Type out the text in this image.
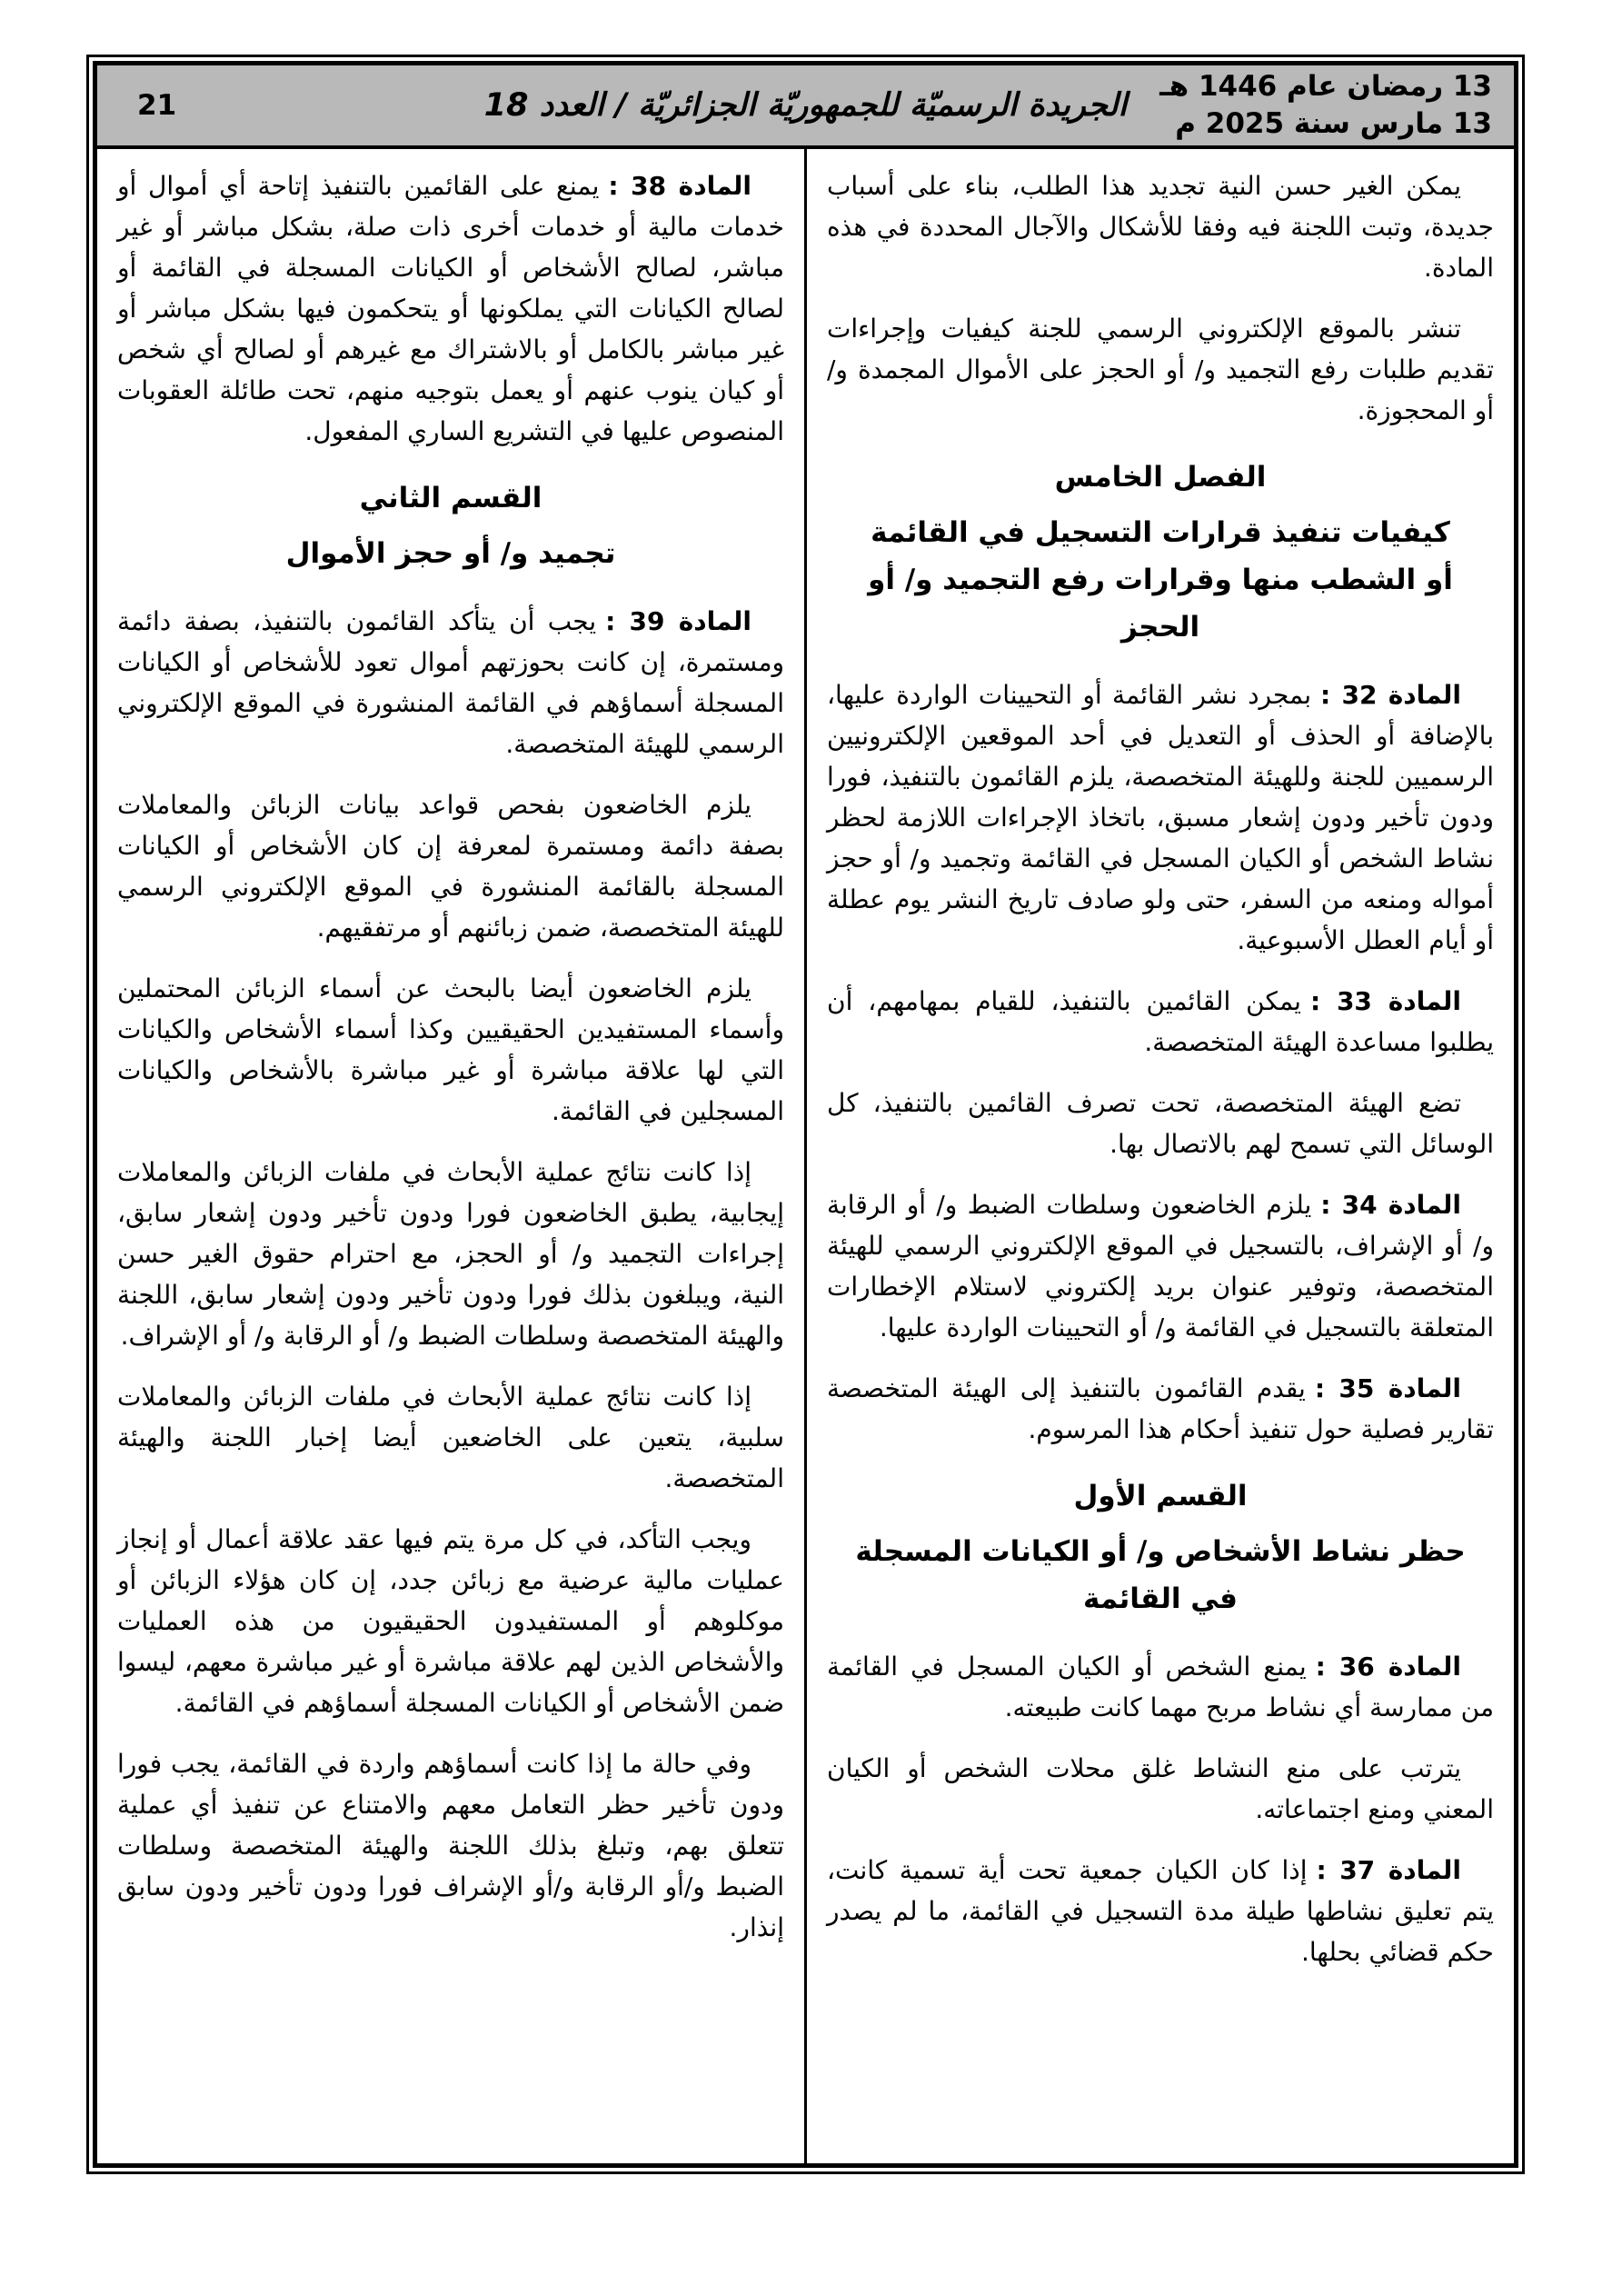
13 رمضان عام 1446 هـ
13 مارس سنة 2025 م
الجريدة الرسميّة للجمهوريّة الجزائريّة / العدد 18
21

يمكن الغير حسن النية تجديد هذا الطلب، بناء على أسباب جديدة، وتبت اللجنة فيه وفقا للأشكال والآجال المحددة في هذه المادة.

تنشر بالموقع الإلكتروني الرسمي للجنة كيفيات وإجراءات تقديم طلبات رفع التجميد و/ أو الحجز على الأموال المجمدة و/ أو المحجوزة.

الفصل الخامس
كيفيات تنفيذ قرارات التسجيل في القائمة أو الشطب منها وقرارات رفع التجميد و/ أو الحجز

المادة 32 :بمجرد نشر القائمة أو التحيينات الواردة عليها، بالإضافة أو الحذف أو التعديل في أحد الموقعين الإلكترونيين الرسميين للجنة وللهيئة المتخصصة، يلزم القائمون بالتنفيذ، فورا ودون تأخير ودون إشعار مسبق، باتخاذ الإجراءات اللازمة لحظر نشاط الشخص أو الكيان المسجل في القائمة وتجميد و/ أو حجز أمواله ومنعه من السفر، حتى ولو صادف تاريخ النشر يوم عطلة أو أيام العطل الأسبوعية.

المادة 33 :يمكن القائمين بالتنفيذ، للقيام بمهامهم، أن يطلبوا مساعدة الهيئة المتخصصة.

تضع الهيئة المتخصصة، تحت تصرف القائمين بالتنفيذ، كل الوسائل التي تسمح لهم بالاتصال بها.

المادة 34 :يلزم الخاضعون وسلطات الضبط و/ أو الرقابة و/ أو الإشراف، بالتسجيل في الموقع الإلكتروني الرسمي للهيئة المتخصصة، وتوفير عنوان بريد إلكتروني لاستلام الإخطارات المتعلقة بالتسجيل في القائمة و/ أو التحيينات الواردة عليها.

المادة 35 :يقدم القائمون بالتنفيذ إلى الهيئة المتخصصة تقارير فصلية حول تنفيذ أحكام هذا المرسوم.

القسم الأول
حظر نشاط الأشخاص و/ أو الكيانات المسجلة في القائمة

المادة 36 :يمنع الشخص أو الكيان المسجل في القائمة من ممارسة أي نشاط مربح مهما كانت طبيعته.

يترتب على منع النشاط غلق محلات الشخص أو الكيان المعني ومنع اجتماعاته.

المادة 37 :إذا كان الكيان جمعية تحت أية تسمية كانت، يتم تعليق نشاطها طيلة مدة التسجيل في القائمة، ما لم يصدر حكم قضائي بحلها.

المادة 38 :يمنع على القائمين بالتنفيذ إتاحة أي أموال أو خدمات مالية أو خدمات أخرى ذات صلة، بشكل مباشر أو غير مباشر، لصالح الأشخاص أو الكيانات المسجلة في القائمة أو لصالح الكيانات التي يملكونها أو يتحكمون فيها بشكل مباشر أو غير مباشر بالكامل أو بالاشتراك مع غيرهم أو لصالح أي شخص أو كيان ينوب عنهم أو يعمل بتوجيه منهم، تحت طائلة العقوبات المنصوص عليها في التشريع الساري المفعول.

القسم الثاني
تجميد و/ أو حجز الأموال

المادة 39 :يجب أن يتأكد القائمون بالتنفيذ، بصفة دائمة ومستمرة، إن كانت بحوزتهم أموال تعود للأشخاص أو الكيانات المسجلة أسماؤهم في القائمة المنشورة في الموقع الإلكتروني الرسمي للهيئة المتخصصة.

يلزم الخاضعون بفحص قواعد بيانات الزبائن والمعاملات بصفة دائمة ومستمرة لمعرفة إن كان الأشخاص أو الكيانات المسجلة بالقائمة المنشورة في الموقع الإلكتروني الرسمي للهيئة المتخصصة، ضمن زبائنهم أو مرتفقيهم.

يلزم الخاضعون أيضا بالبحث عن أسماء الزبائن المحتملين وأسماء المستفيدين الحقيقيين وكذا أسماء الأشخاص والكيانات التي لها علاقة مباشرة أو غير مباشرة بالأشخاص والكيانات المسجلين في القائمة.

إذا كانت نتائج عملية الأبحاث في ملفات الزبائن والمعاملات إيجابية، يطبق الخاضعون فورا ودون تأخير ودون إشعار سابق، إجراءات التجميد و/ أو الحجز، مع احترام حقوق الغير حسن النية، ويبلغون بذلك فورا ودون تأخير ودون إشعار سابق، اللجنة والهيئة المتخصصة وسلطات الضبط و/ أو الرقابة و/ أو الإشراف.

إذا كانت نتائج عملية الأبحاث في ملفات الزبائن والمعاملات سلبية، يتعين على الخاضعين أيضا إخبار اللجنة والهيئة المتخصصة.

ويجب التأكد، في كل مرة يتم فيها عقد علاقة أعمال أو إنجاز عمليات مالية عرضية مع زبائن جدد، إن كان هؤلاء الزبائن أو موكلوهم أو المستفيدون الحقيقيون من هذه العمليات والأشخاص الذين لهم علاقة مباشرة أو غير مباشرة معهم، ليسوا ضمن الأشخاص أو الكيانات المسجلة أسماؤهم في القائمة.

وفي حالة ما إذا كانت أسماؤهم واردة في القائمة، يجب فورا ودون تأخير حظر التعامل معهم والامتناع عن تنفيذ أي عملية تتعلق بهم، وتبلغ بذلك اللجنة والهيئة المتخصصة وسلطات الضبط و/أو الرقابة و/أو الإشراف فورا ودون تأخير ودون سابق إنذار.
